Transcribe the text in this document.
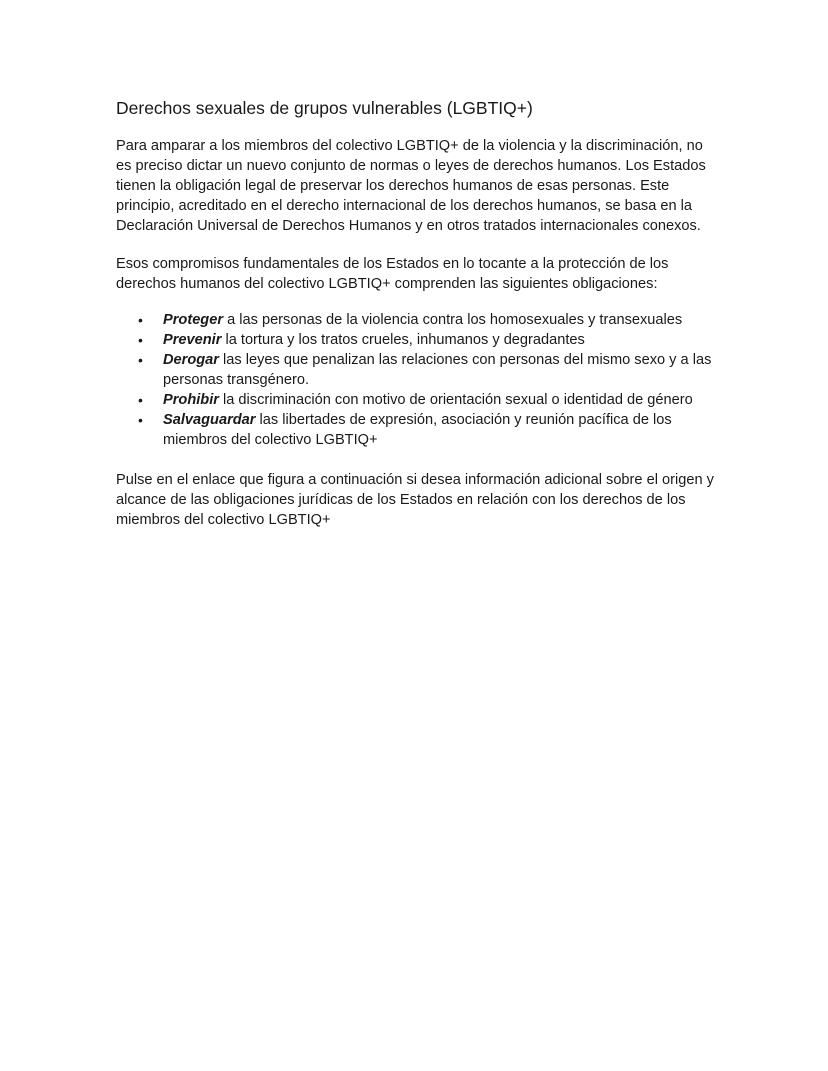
Derechos sexuales de grupos vulnerables (LGBTIQ+)

Para amparar a los miembros del colectivo LGBTIQ+ de la violencia y la discriminación, no es preciso dictar un nuevo conjunto de normas o leyes de derechos humanos. Los Estados tienen la obligación legal de preservar los derechos humanos de esas personas. Este principio, acreditado en el derecho internacional de los derechos humanos, se basa en la Declaración Universal de Derechos Humanos y en otros tratados internacionales conexos.

Esos compromisos fundamentales de los Estados en lo tocante a la protección de los derechos humanos del colectivo LGBTIQ+ comprenden las siguientes obligaciones:

• Proteger a las personas de la violencia contra los homosexuales y transexuales
• Prevenir la tortura y los tratos crueles, inhumanos y degradantes
• Derogar las leyes que penalizan las relaciones con personas del mismo sexo y a las personas transgénero.
• Prohibir la discriminación con motivo de orientación sexual o identidad de género
• Salvaguardar las libertades de expresión, asociación y reunión pacífica de los miembros del colectivo LGBTIQ+

Pulse en el enlace que figura a continuación si desea información adicional sobre el origen y alcance de las obligaciones jurídicas de los Estados en relación con los derechos de los miembros del colectivo LGBTIQ+
